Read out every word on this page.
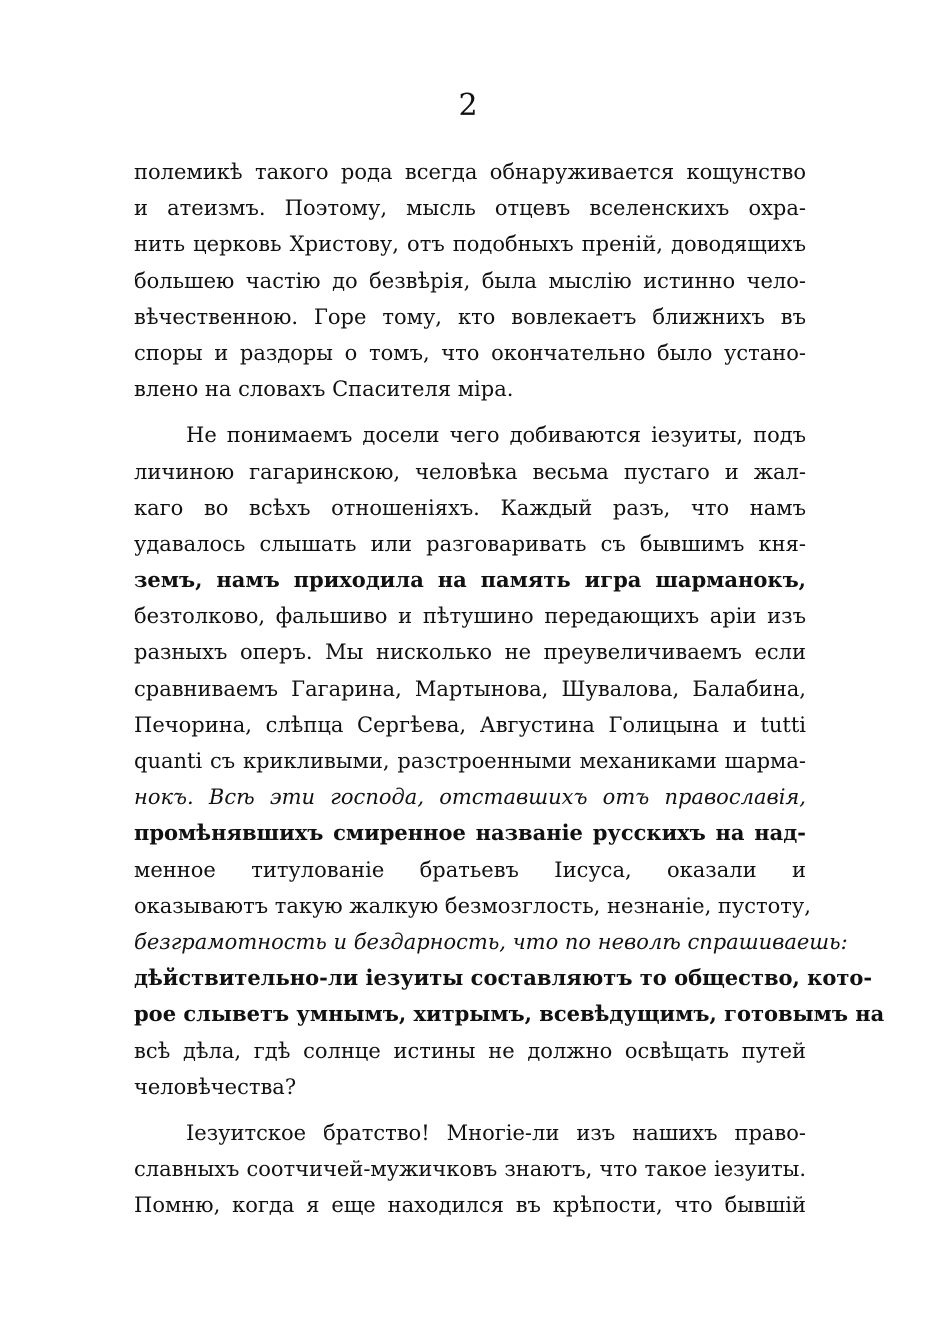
2
полемикѣ такого рода всегда обнаруживается кощунство
и атеизмъ. Поэтому, мысль отцевъ вселенскихъ охра-
нить церковь Христову, отъ подобныхъ преній, доводящихъ
большею частію до безвѣрія, была мыслію истинно чело-
вѣчественною. Горе тому, кто вовлекаетъ ближнихъ въ
споры и раздоры о томъ, что окончательно было устано-
влено на словахъ Спасителя міра.
Не понимаемъ досели чего добиваются іезуиты, подъ
личиною гагаринскою, человѣка весьма пустаго и жал-
каго во всѣхъ отношеніяхъ. Каждый разъ, что намъ
удавалось слышать или разговаривать съ бывшимъ кня-
земъ, намъ приходила на память игра шарманокъ,
безтолково, фальшиво и пѣтушино передающихъ аріи изъ
разныхъ оперъ. Мы нисколько не преувеличиваемъ если
сравниваемъ Гагарина, Мартынова, Шувалова, Балабина,
Печорина, слѣпца Сергѣева, Августина Голицына и tutti
quanti съ крикливыми, разстроенными механиками шарма-
нокъ. Всѣ эти господа, отставшихъ отъ православія,
промѣнявшихъ смиренное названіе русскихъ на над-
менное титулованіе братьевъ Іисуса, оказали и
оказываютъ такую жалкую безмозглость, незнаніе, пустоту,
безграмотность и бездарность, что по неволѣ спрашиваешь:
дѣйствительно-ли іезуиты составляютъ то общество, кото-
рое слыветъ умнымъ, хитрымъ, всевѣдущимъ, готовымъ на
всѣ дѣла, гдѣ солнце истины не должно освѣщать путей
человѣчества?
Іезуитское братство! Многіе-ли изъ нашихъ право-
славныхъ соотчичей-мужичковъ знаютъ, что такое іезуиты.
Помню, когда я еще находился въ крѣпости, что бывшій
